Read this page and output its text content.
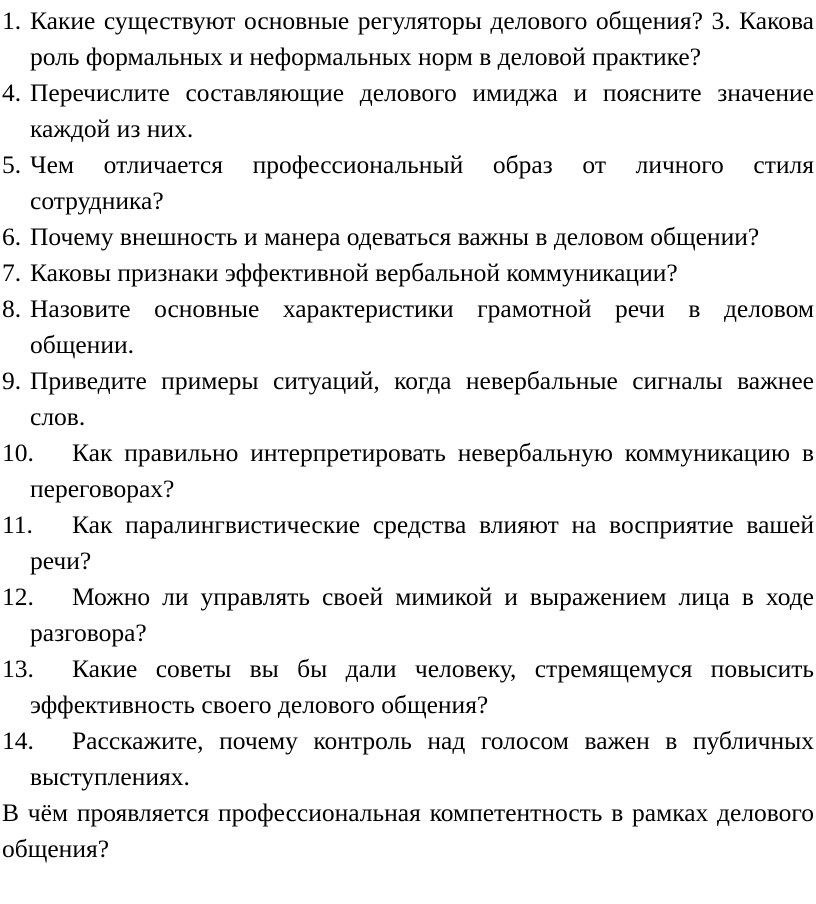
1. Какие существуют основные регуляторы делового общения? 3. Какова роль формальных и неформальных норм в деловой практике?
4. Перечислите составляющие делового имиджа и поясните значение каждой из них.
5. Чем отличается профессиональный образ от личного стиля сотрудника?
6. Почему внешность и манера одеваться важны в деловом общении?
7. Каковы признаки эффективной вербальной коммуникации?
8. Назовите основные характеристики грамотной речи в деловом общении.
9. Приведите примеры ситуаций, когда невербальные сигналы важнее слов.
10. Как правильно интерпретировать невербальную коммуникацию в переговорах?
11. Как паралингвистические средства влияют на восприятие вашей речи?
12. Можно ли управлять своей мимикой и выражением лица в ходе разговора?
13. Какие советы вы бы дали человеку, стремящемуся повысить эффективность своего делового общения?
14. Расскажите, почему контроль над голосом важен в публичных выступлениях.
В чём проявляется профессиональная компетентность в рамках делового общения?
